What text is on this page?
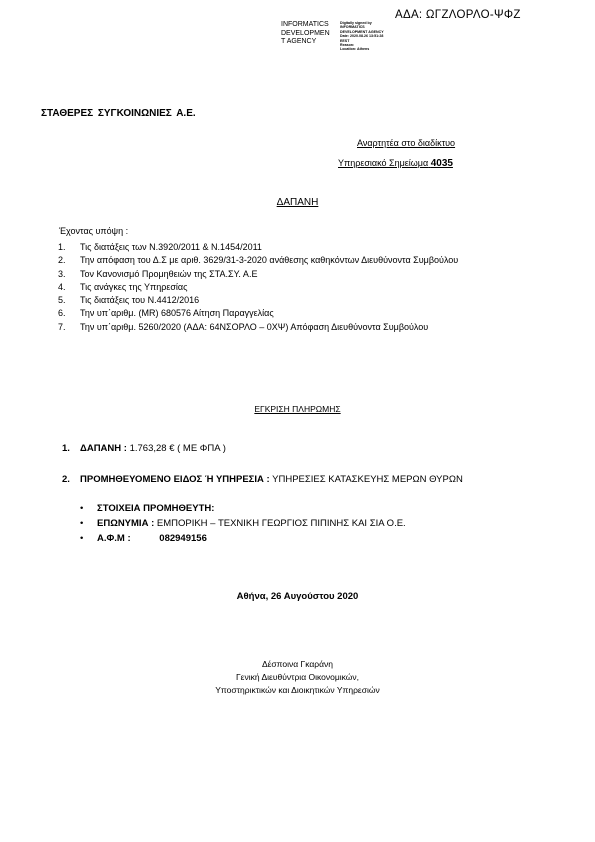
ΑΔΑ: ΩΓΖΛΟΡΛΟ-ΨΦΖ
INFORMATICS
DEVELOPMEN
T AGENCY
Digitally signed by
INFORMATICS
DEVELOPMENT AGENCY
Date: 2020.08.26 13:51:28
EEST
Reason:
Location: Athens
ΣΤΑΘΕΡΕΣ ΣΥΓΚΟΙΝΩΝΙΕΣ Α.Ε.
Αναρτητέα στο διαδίκτυο
Υπηρεσιακό Σημείωμα 4035
ΔΑΠΑΝΗ
Έχοντας υπόψη :
1. Τις διατάξεις των Ν.3920/2011 & Ν.1454/2011
2. Την απόφαση του Δ.Σ με αριθ. 3629/31-3-2020 ανάθεσης καθηκόντων Διευθύνοντα Συμβούλου
3. Τον Κανονισμό Προμηθειών της ΣΤΑ.ΣΥ. Α.Ε
4. Τις ανάγκες της Υπηρεσίας
5. Τις διατάξεις του Ν.4412/2016
6. Την υπ΄αριθμ. (MR) 680576 Αίτηση Παραγγελίας
7. Την υπ΄αριθμ. 5260/2020 (ΑΔΑ: 64ΝΣΟΡΛΟ – 0ΧΨ) Απόφαση Διευθύνοντα Συμβούλου
ΕΓΚΡΙΣΗ ΠΛΗΡΩΜΗΣ
1. ΔΑΠΑΝΗ : 1.763,28 € ( ΜΕ ΦΠΑ )
2. ΠΡΟΜΗΘΕΥΟΜΕΝΟ ΕΙΔΟΣ Ή ΥΠΗΡΕΣΙΑ : ΥΠΗΡΕΣΙΕΣ ΚΑΤΑΣΚΕΥΗΣ ΜΕΡΩΝ ΘΥΡΩΝ
• ΣΤΟΙΧΕΙΑ ΠΡΟΜΗΘΕΥΤΗ:
• ΕΠΩΝΥΜΙΑ : ΕΜΠΟΡΙΚΗ – ΤΕΧΝΙΚΗ ΓΕΩΡΓΙΟΣ ΠΙΠΙΝΗΣ ΚΑΙ ΣΙΑ Ο.Ε.
• Α.Φ.Μ :	082949156
Αθήνα, 26 Αυγούστου 2020
Δέσποινα Γκαράνη
Γενική Διευθύντρια Οικονομικών,
Υποστηρικτικών και Διοικητικών Υπηρεσιών
